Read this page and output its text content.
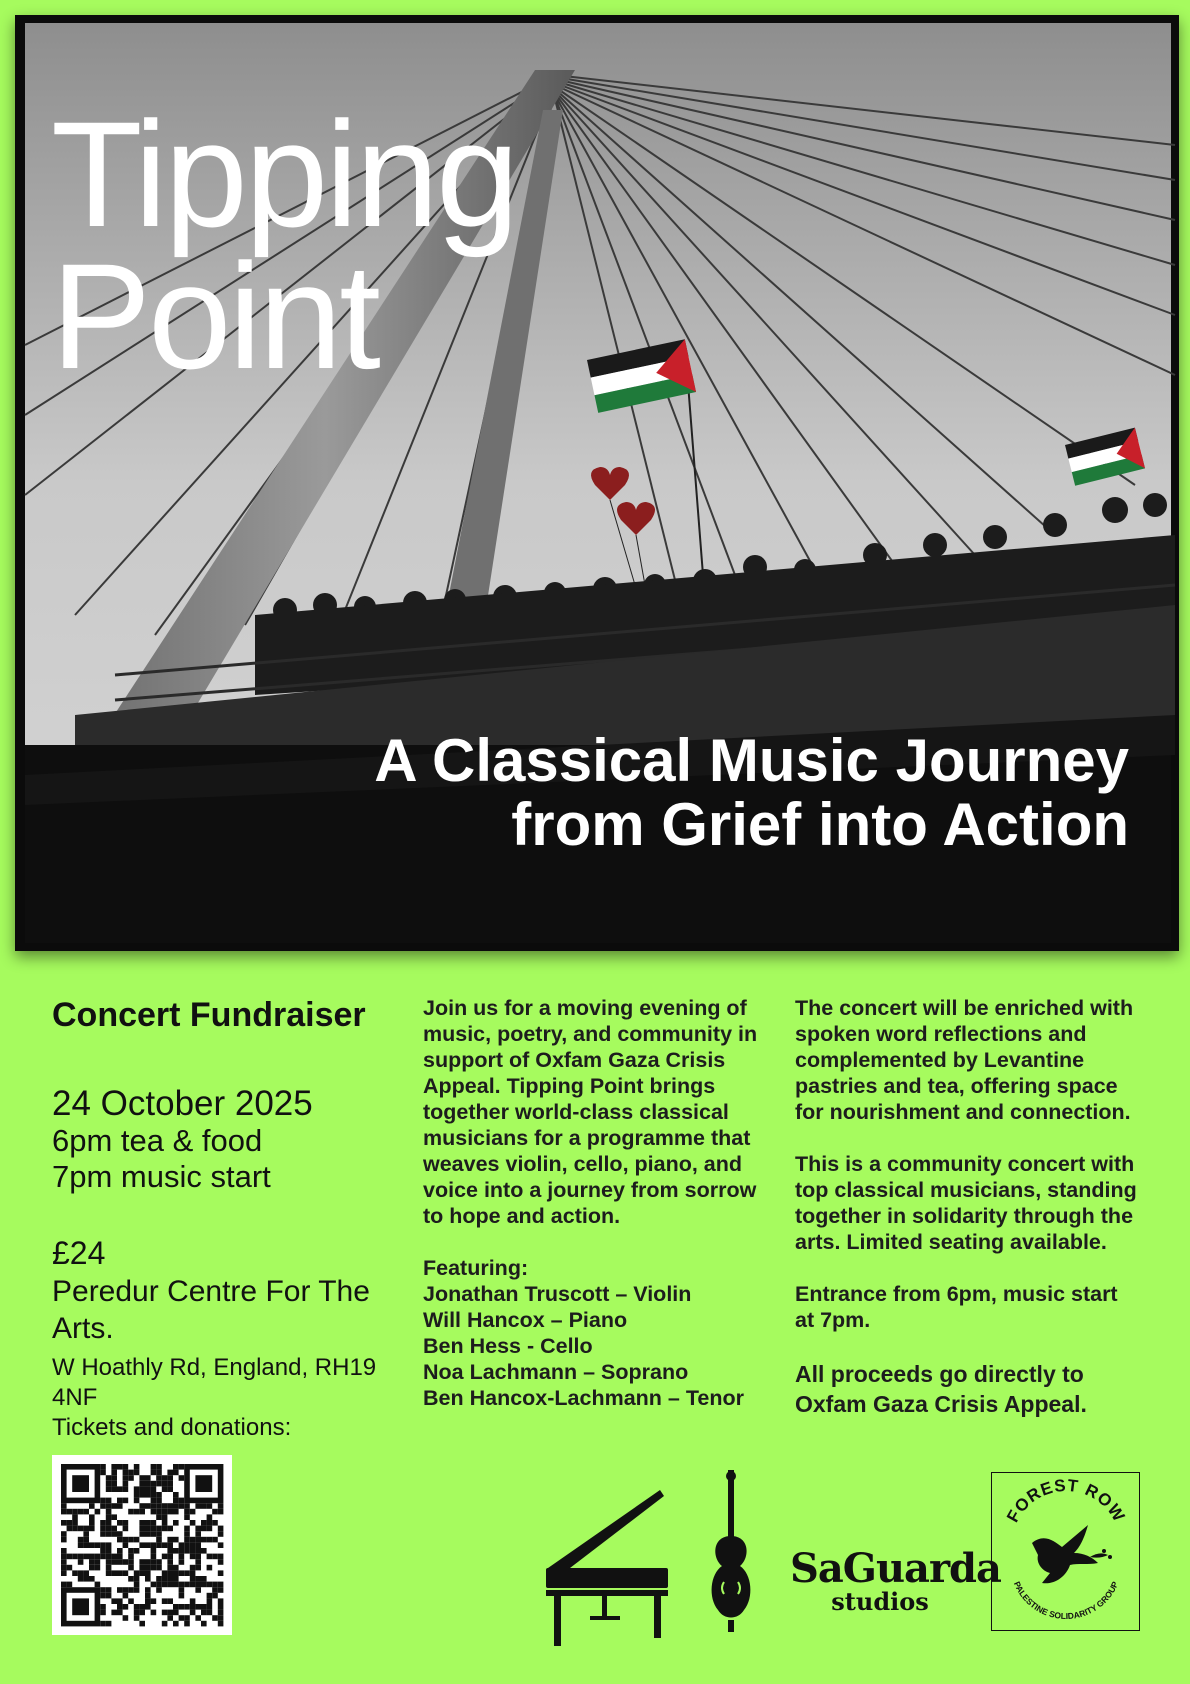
Tipping
Point
A Classical Music Journey
from Grief into Action
Concert Fundraiser
24 October 2025
6pm tea & food
7pm music start
£24
Peredur Centre For The
Arts.
W Hoathly Rd, England, RH19
4NF
Tickets and donations:

Join us for a moving evening of

music, poetry, and community in

support of Oxfam Gaza Crisis

Appeal. Tipping Point brings

together world-class classical

musicians for a programme that

weaves violin, cello, piano, and

voice into a journey from sorrow

to hope and action.

Featuring:

Jonathan Truscott – Violin

Will Hancox – Piano

Ben Hess - Cello

Noa Lachmann – Soprano

Ben Hancox-Lachmann – Tenor

The concert will be enriched with

spoken word reflections and

complemented by Levantine

pastries and tea, offering space

for nourishment and connection.

This is a community concert with

top classical musicians, standing

together in solidarity through the

arts. Limited seating available.

Entrance from 6pm, music start

at 7pm.

All proceeds go directly to

Oxfam Gaza Crisis Appeal.

SaGuarda
studios
FOREST ROW
PALESTINE SOLIDARITY GROUP
